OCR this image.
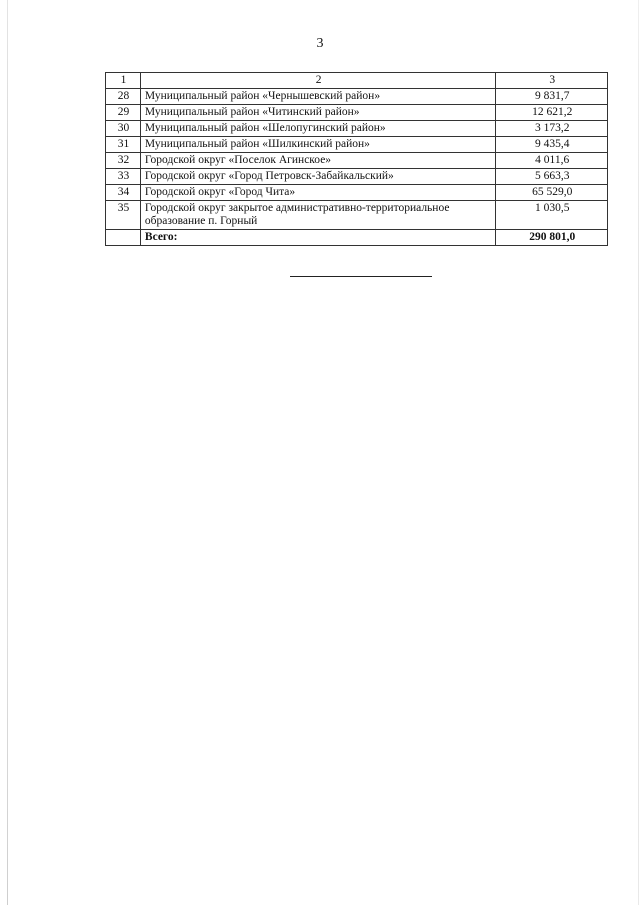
3
1	2	3
28	Муниципальный район «Чернышевский район»	9 831,7
29	Муниципальный район «Читинский район»	12 621,2
30	Муниципальный район «Шелопугинский район»	3 173,2
31	Муниципальный район «Шилкинский район»	9 435,4
32	Городской округ «Поселок Агинское»	4 011,6
33	Городской округ «Город Петровск-Забайкальский»	5 663,3
34	Городской округ «Город Чита»	65 529,0
35	Городской округ закрытое административно-территориальное образование п. Горный	1 030,5
	Всего:	290 801,0
